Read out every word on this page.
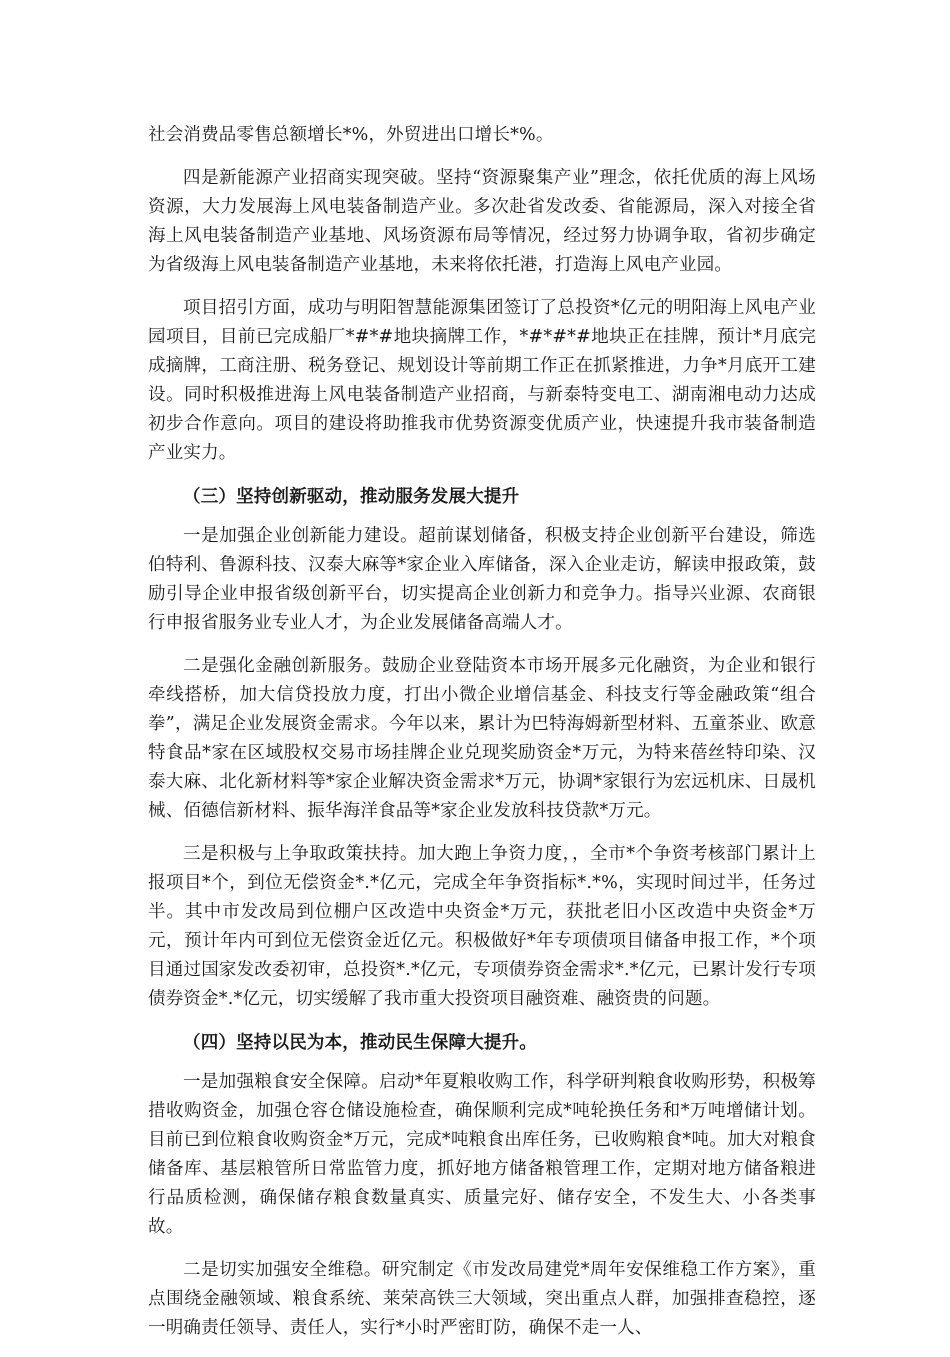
社会消费品零售总额增长*%，外贸进出口增长*%。

四是新能源产业招商实现突破。坚持“资源聚集产业”理念，依托优质的海上风场资源，大力发展海上风电装备制造产业。多次赴省发改委、省能源局，深入对接全省海上风电装备制造产业基地、风场资源布局等情况，经过努力协调争取，省初步确定为省级海上风电装备制造产业基地，未来将依托港，打造海上风电产业园。

项目招引方面，成功与明阳智慧能源集团签订了总投资*亿元的明阳海上风电产业园项目，目前已完成船厂*#*#地块摘牌工作，*#*#*#地块正在挂牌，预计*月底完成摘牌，工商注册、税务登记、规划设计等前期工作正在抓紧推进，力争*月底开工建设。同时积极推进海上风电装备制造产业招商，与新泰特变电工、湖南湘电动力达成初步合作意向。项目的建设将助推我市优势资源变优质产业，快速提升我市装备制造产业实力。

（三）坚持创新驱动，推动服务发展大提升

一是加强企业创新能力建设。超前谋划储备，积极支持企业创新平台建设，筛选伯特利、鲁源科技、汉泰大麻等*家企业入库储备，深入企业走访，解读申报政策，鼓励引导企业申报省级创新平台，切实提高企业创新力和竞争力。指导兴业源、农商银行申报省服务业专业人才，为企业发展储备高端人才。

二是强化金融创新服务。鼓励企业登陆资本市场开展多元化融资，为企业和银行牵线搭桥，加大信贷投放力度，打出小微企业增信基金、科技支行等金融政策“组合拳”，满足企业发展资金需求。今年以来，累计为巴特海姆新型材料、五童茶业、欧意特食品*家在区域股权交易市场挂牌企业兑现奖励资金*万元，为特来蓓丝特印染、汉泰大麻、北化新材料等*家企业解决资金需求*万元，协调*家银行为宏远机床、日晟机械、佰德信新材料、振华海洋食品等*家企业发放科技贷款*万元。

三是积极与上争取政策扶持。加大跑上争资力度，，全市*个争资考核部门累计上报项目*个，到位无偿资金*.*亿元，完成全年争资指标*.*%，实现时间过半，任务过半。其中市发改局到位棚户区改造中央资金*万元，获批老旧小区改造中央资金*万元，预计年内可到位无偿资金近亿元。积极做好*年专项债项目储备申报工作，*个项目通过国家发改委初审，总投资*.*亿元，专项债券资金需求*.*亿元，已累计发行专项债券资金*.*亿元，切实缓解了我市重大投资项目融资难、融资贵的问题。

（四）坚持以民为本，推动民生保障大提升。

一是加强粮食安全保障。启动*年夏粮收购工作，科学研判粮食收购形势，积极筹措收购资金，加强仓容仓储设施检查，确保顺利完成*吨轮换任务和*万吨增储计划。目前已到位粮食收购资金*万元，完成*吨粮食出库任务，已收购粮食*吨。加大对粮食储备库、基层粮管所日常监管力度，抓好地方储备粮管理工作，定期对地方储备粮进行品质检测，确保储存粮食数量真实、质量完好、储存安全，不发生大、小各类事故。

二是切实加强安全维稳。研究制定《市发改局建党*周年安保维稳工作方案》，重点围绕金融领域、粮食系统、莱荣高铁三大领域，突出重点人群，加强排查稳控，逐一明确责任领导、责任人，实行*小时严密盯防，确保不走一人、
